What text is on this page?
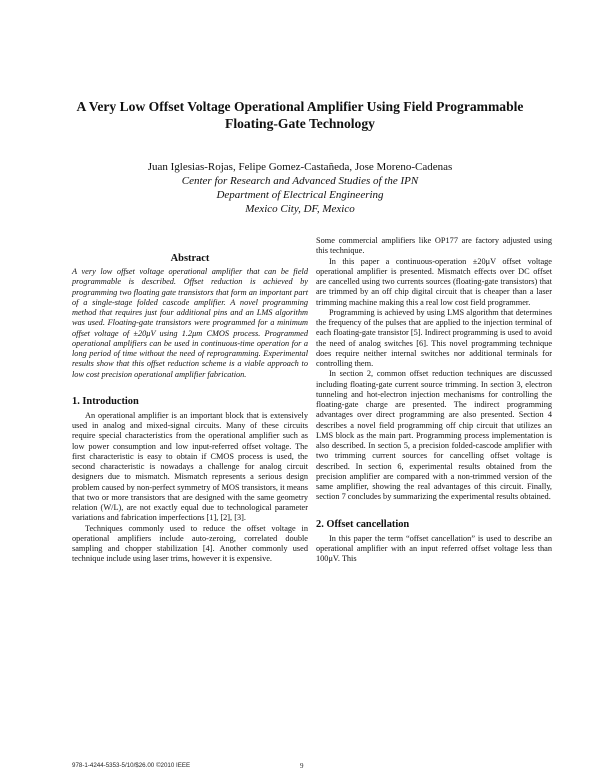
A Very Low Offset Voltage Operational Amplifier Using Field Programmable Floating-Gate Technology
Juan Iglesias-Rojas, Felipe Gomez-Castañeda, Jose Moreno-Cadenas
Center for Research and Advanced Studies of the IPN
Department of Electrical Engineering
Mexico City, DF, Mexico
Abstract

A very low offset voltage operational amplifier that can be field programmable is described. Offset reduction is achieved by programming two floating gate transistors that form an important part of a single-stage folded cascode amplifier. A novel programming method that requires just four additional pins and an LMS algorithm was used. Floating-gate transistors were programmed for a minimum offset voltage of ±20μV using 1.2μm CMOS process. Programmed operational amplifiers can be used in continuous-time operation for a long period of time without the need of reprogramming. Experimental results show that this offset reduction scheme is a viable approach to low cost precision operational amplifier fabrication.

1. Introduction

An operational amplifier is an important block that is extensively used in analog and mixed-signal circuits. Many of these circuits require special characteristics from the operational amplifier such as low power consumption and low input-referred offset voltage. The first characteristic is easy to obtain if CMOS process is used, the second characteristic is nowadays a challenge for analog circuit designers due to mismatch. Mismatch represents a serious design problem caused by non-perfect symmetry of MOS transistors, it means that two or more transistors that are designed with the same geometry relation (W/L), are not exactly equal due to technological parameter variations and fabrication imperfections [1], [2], [3].

Techniques commonly used to reduce the offset voltage in operational amplifiers include auto-zeroing, correlated double sampling and chopper stabilization [4]. Another commonly used technique include using laser trims, however it is expensive.

Some commercial amplifiers like OP177 are factory adjusted using this technique.

In this paper a continuous-operation ±20μV offset voltage operational amplifier is presented. Mismatch effects over DC offset are cancelled using two currents sources (floating-gate transistors) that are trimmed by an off chip digital circuit that is cheaper than a laser trimming machine making this a real low cost field programmer.

Programming is achieved by using LMS algorithm that determines the frequency of the pulses that are applied to the injection terminal of each floating-gate transistor [5]. Indirect programming is used to avoid the need of analog switches [6]. This novel programming technique does require neither internal switches nor additional terminals for controlling them.

In section 2, common offset reduction techniques are discussed including floating-gate current source trimming. In section 3, electron tunneling and hot-electron injection mechanisms for controlling the floating-gate charge are presented. The indirect programming advantages over direct programming are also presented. Section 4 describes a novel field programming off chip circuit that utilizes an LMS block as the main part. Programming process implementation is also described. In section 5, a precision folded-cascode amplifier with two trimming current sources for cancelling offset voltage is described. In section 6, experimental results obtained from the precision amplifier are compared with a non-trimmed version of the same amplifier, showing the real advantages of this circuit. Finally, section 7 concludes by summarizing the experimental results obtained.

2. Offset cancellation

In this paper the term “offset cancellation” is used to describe an operational amplifier with an input referred offset voltage less than 100μV. This

978-1-4244-5353-5/10/$26.00 ©2010 IEEE	9
